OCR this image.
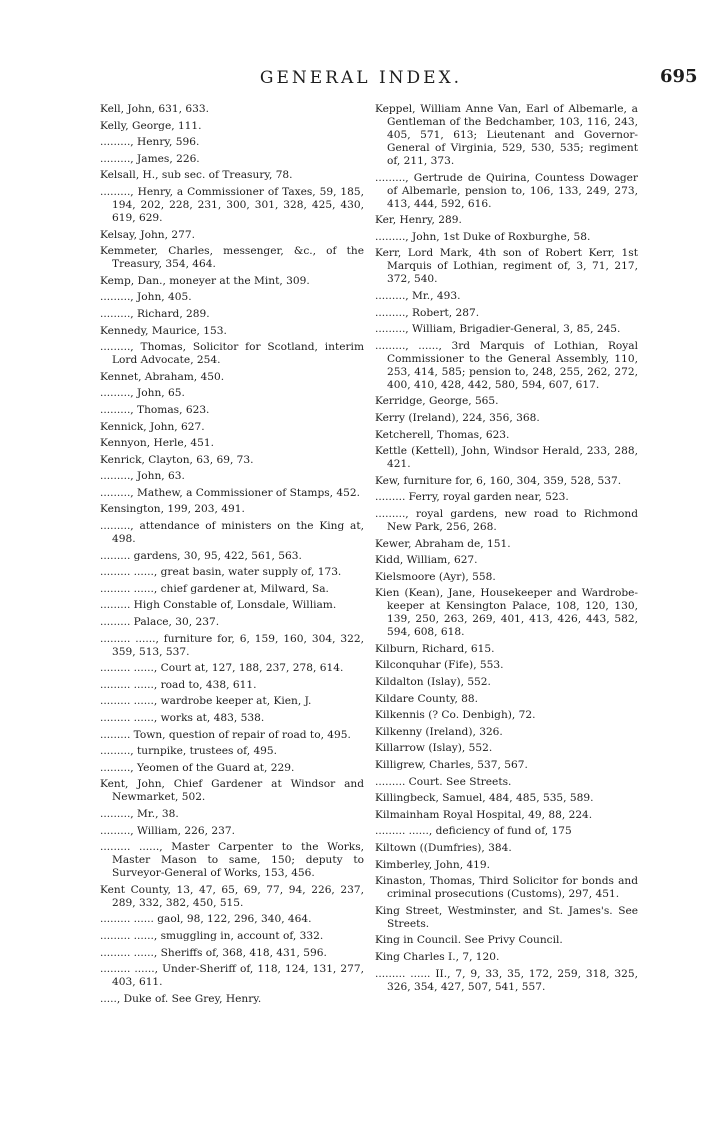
GENERAL INDEX.	695

Kell, John, 631, 633.

Kelly, George, 111.

........., Henry, 596.

........., James, 226.

Kelsall, H., sub sec. of Treasury, 78.

........., Henry, a Commissioner of Taxes, 59, 185, 194, 202, 228, 231, 300, 301, 328, 425, 430, 619, 629.

Kelsay, John, 277.

Kemmeter, Charles, messenger, &c., of the Treasury, 354, 464.

Kemp, Dan., moneyer at the Mint, 309.

........., John, 405.

........., Richard, 289.

Kennedy, Maurice, 153.

........., Thomas, Solicitor for Scotland, interim Lord Advocate, 254.

Kennet, Abraham, 450.

........., John, 65.

........., Thomas, 623.

Kennick, John, 627.

Kennyon, Herle, 451.

Kenrick, Clayton, 63, 69, 73.

........., John, 63.

........., Mathew, a Commissioner of Stamps, 452.

Kensington, 199, 203, 491.

........., attendance of ministers on the King at, 498.

......... gardens, 30, 95, 422, 561, 563.

......... ......, great basin, water supply of, 173.

......... ......, chief gardener at, Milward, Sa.

......... High Constable of, Lonsdale, William.

......... Palace, 30, 237.

......... ......, furniture for, 6, 159, 160, 304, 322, 359, 513, 537.

......... ......, Court at, 127, 188, 237, 278, 614.

......... ......, road to, 438, 611.

......... ......, wardrobe keeper at, Kien, J.

......... ......, works at, 483, 538.

......... Town, question of repair of road to, 495.

........., turnpike, trustees of, 495.

........., Yeomen of the Guard at, 229.

Kent, John, Chief Gardener at Windsor and Newmarket, 502.

........., Mr., 38.

........., William, 226, 237.

......... ......, Master Carpenter to the Works, Master Mason to same, 150; deputy to Surveyor-General of Works, 153, 456.

Kent County, 13, 47, 65, 69, 77, 94, 226, 237, 289, 332, 382, 450, 515.

......... ...... gaol, 98, 122, 296, 340, 464.

......... ......, smuggling in, account of, 332.

......... ......, Sheriffs of, 368, 418, 431, 596.

......... ......, Under-Sheriff of, 118, 124, 131, 277, 403, 611.

....., Duke of. See Grey, Henry.

Keppel, William Anne Van, Earl of Albemarle, a Gentleman of the Bedchamber, 103, 116, 243, 405, 571, 613; Lieutenant and Governor-General of Virginia, 529, 530, 535; regiment of, 211, 373.

........., Gertrude de Quirina, Countess Dowager of Albemarle, pension to, 106, 133, 249, 273, 413, 444, 592, 616.

Ker, Henry, 289.

........., John, 1st Duke of Roxburghe, 58.

Kerr, Lord Mark, 4th son of Robert Kerr, 1st Marquis of Lothian, regiment of, 3, 71, 217, 372, 540.

........., Mr., 493.

........., Robert, 287.

........., William, Brigadier-General, 3, 85, 245.

........., ......, 3rd Marquis of Lothian, Royal Commissioner to the General Assembly, 110, 253, 414, 585; pension to, 248, 255, 262, 272, 400, 410, 428, 442, 580, 594, 607, 617.

Kerridge, George, 565.

Kerry (Ireland), 224, 356, 368.

Ketcherell, Thomas, 623.

Kettle (Kettell), John, Windsor Herald, 233, 288, 421.

Kew, furniture for, 6, 160, 304, 359, 528, 537.

......... Ferry, royal garden near, 523.

........., royal gardens, new road to Richmond New Park, 256, 268.

Kewer, Abraham de, 151.

Kidd, William, 627.

Kielsmoore (Ayr), 558.

Kien (Kean), Jane, Housekeeper and Wardrobe-keeper at Kensington Palace, 108, 120, 130, 139, 250, 263, 269, 401, 413, 426, 443, 582, 594, 608, 618.

Kilburn, Richard, 615.

Kilconquhar (Fife), 553.

Kildalton (Islay), 552.

Kildare County, 88.

Kilkennis (? Co. Denbigh), 72.

Kilkenny (Ireland), 326.

Killarrow (Islay), 552.

Killigrew, Charles, 537, 567.

......... Court. See Streets.

Killingbeck, Samuel, 484, 485, 535, 589.

Kilmainham Royal Hospital, 49, 88, 224.

......... ......, deficiency of fund of, 175

Kiltown ((Dumfries), 384.

Kimberley, John, 419.

Kinaston, Thomas, Third Solicitor for bonds and criminal prosecutions (Customs), 297, 451.

King Street, Westminster, and St. James's. See Streets.

King in Council. See Privy Council.

King Charles I., 7, 120.

......... ...... II., 7, 9, 33, 35, 172, 259, 318, 325, 326, 354, 427, 507, 541, 557.
